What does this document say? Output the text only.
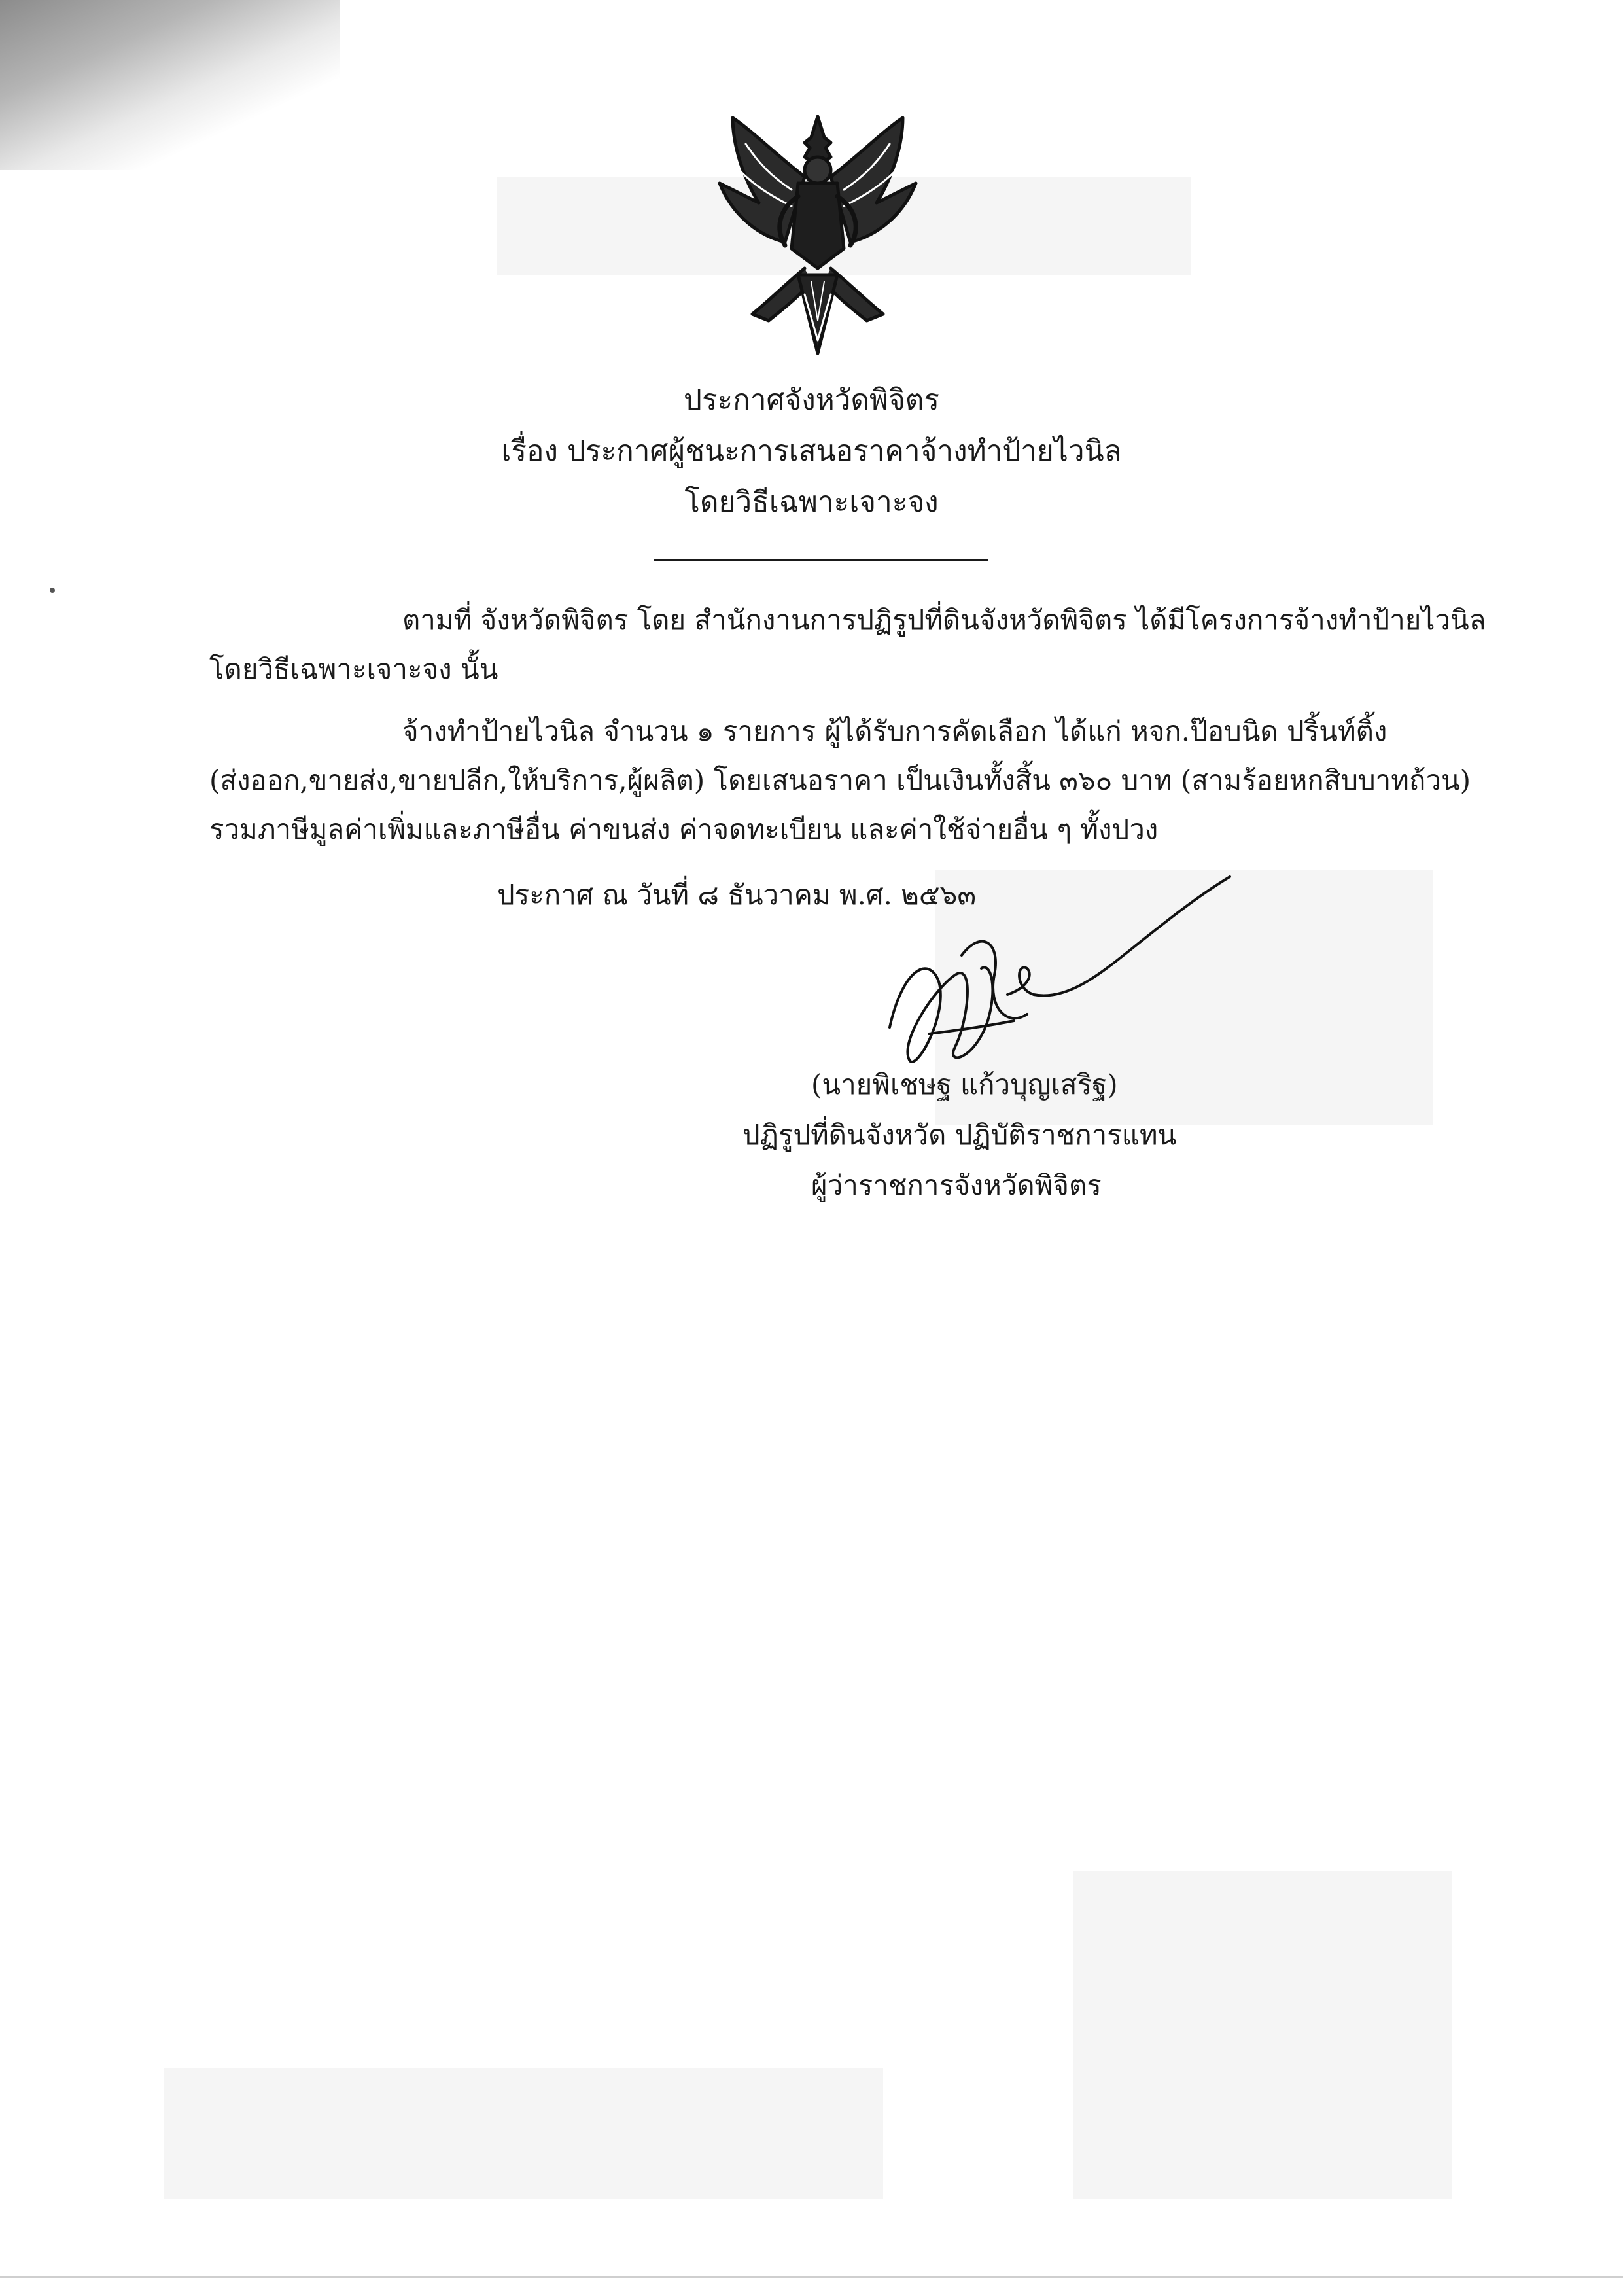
ประกาศจังหวัดพิจิตร
เรื่อง ประกาศผู้ชนะการเสนอราคาจ้างทำป้ายไวนิล
โดยวิธีเฉพาะเจาะจง
ตามที่ จังหวัดพิจิตร โดย สำนักงานการปฏิรูปที่ดินจังหวัดพิจิตร ได้มีโครงการจ้างทำป้ายไวนิล
โดยวิธีเฉพาะเจาะจง นั้น
จ้างทำป้ายไวนิล จำนวน ๑ รายการ ผู้ได้รับการคัดเลือก ได้แก่ หจก.ป๊อบนิด ปริ้นท์ติ้ง
(ส่งออก,ขายส่ง,ขายปลีก,ให้บริการ,ผู้ผลิต) โดยเสนอราคา เป็นเงินทั้งสิ้น ๓๖๐ บาท (สามร้อยหกสิบบาทถ้วน)
รวมภาษีมูลค่าเพิ่มและภาษีอื่น ค่าขนส่ง ค่าจดทะเบียน และค่าใช้จ่ายอื่น ๆ ทั้งปวง
ประกาศ ณ วันที่ ๘ ธันวาคม พ.ศ. ๒๕๖๓
(นายพิเชษฐ แก้วบุญเสริฐ)
ปฏิรูปที่ดินจังหวัด ปฏิบัติราชการแทน
ผู้ว่าราชการจังหวัดพิจิตร
